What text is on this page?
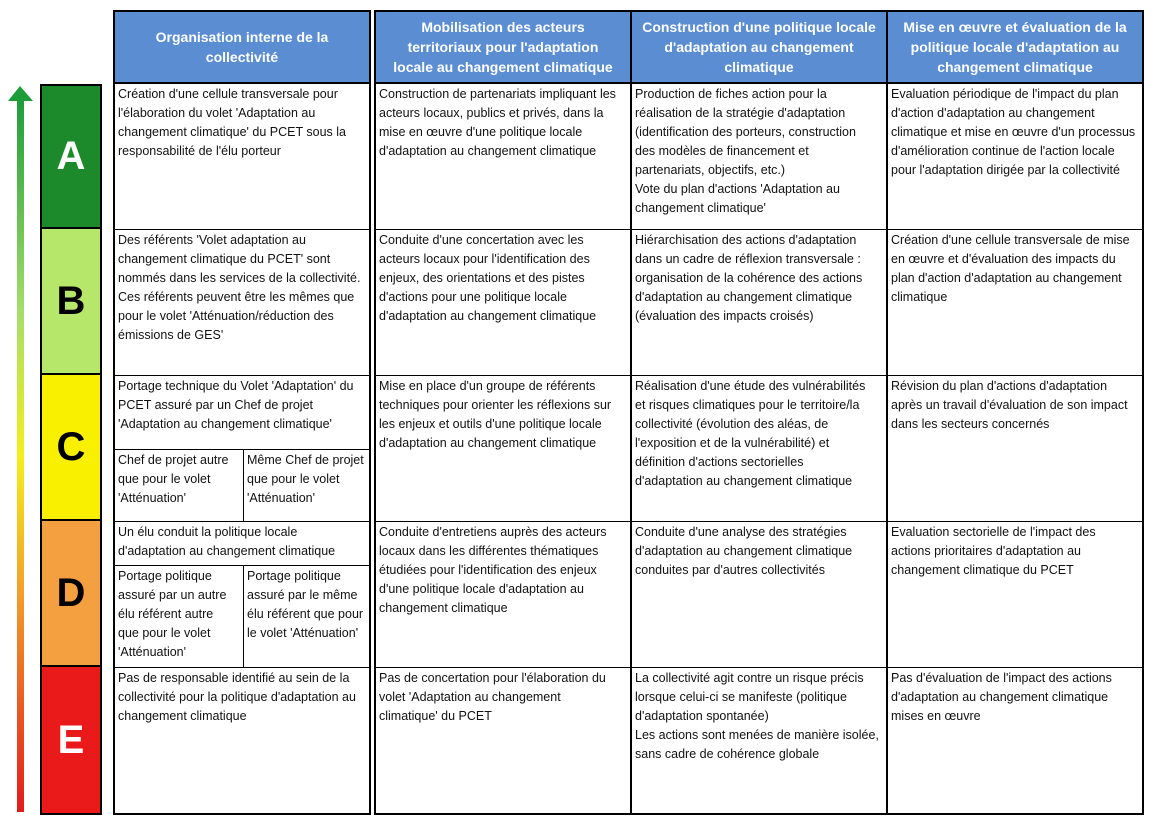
A
B
C
D
E
Organisation interne de la
collectivité
Création d'une cellule transversale pour
l'élaboration du volet 'Adaptation au
changement climatique' du PCET sous la
responsabilité de l'élu porteur
Des référents 'Volet adaptation au
changement climatique du PCET' sont
nommés dans les services de la collectivité.
Ces référents peuvent être les mêmes que
pour le volet 'Atténuation/réduction des
émissions de GES'
Portage technique du Volet 'Adaptation' du
PCET assuré par un Chef de projet
'Adaptation au changement climatique'
Chef de projet autre
que pour le volet
'Atténuation'
Même Chef de projet
que pour le volet
'Atténuation'
Un élu conduit la politique locale
d'adaptation au changement climatique
Portage politique
assuré par un autre
élu référent autre
que pour le volet
'Atténuation'
Portage politique
assuré par le même
élu référent que pour
le volet 'Atténuation'
Pas de responsable identifié au sein de la
collectivité pour la politique d'adaptation au
changement climatique
Mobilisation des acteurs
territoriaux pour l'adaptation
locale au changement climatique
Construction de partenariats impliquant les
acteurs locaux, publics et privés, dans la
mise en œuvre d'une politique locale
d'adaptation au changement climatique
Conduite d'une concertation avec les
acteurs locaux pour l'identification des
enjeux, des orientations et des pistes
d'actions pour une politique locale
d'adaptation au changement climatique
Mise en place d'un groupe de référents
techniques pour orienter les réflexions sur
les enjeux et outils d'une politique locale
d'adaptation au changement climatique
Conduite d'entretiens auprès des acteurs
locaux dans les différentes thématiques
étudiées pour l'identification des enjeux
d'une politique locale d'adaptation au
changement climatique
Pas de concertation pour l'élaboration du
volet 'Adaptation au changement
climatique' du PCET
Construction d'une politique locale
d'adaptation au changement
climatique
Production de fiches action pour la
réalisation de la stratégie d'adaptation
(identification des porteurs, construction
des modèles de financement et
partenariats, objectifs, etc.)
Vote du plan d'actions 'Adaptation au
changement climatique'
Hiérarchisation des actions d'adaptation
dans un cadre de réflexion transversale :
organisation de la cohérence des actions
d'adaptation au changement climatique
(évaluation des impacts croisés)
Réalisation d'une étude des vulnérabilités
et risques climatiques pour le territoire/la
collectivité (évolution des aléas, de
l'exposition et de la vulnérabilité) et
définition d'actions sectorielles
d'adaptation au changement climatique
Conduite d'une analyse des stratégies
d'adaptation au changement climatique
conduites par d'autres collectivités
La collectivité agit contre un risque précis
lorsque celui-ci se manifeste (politique
d'adaptation spontanée)
Les actions sont menées de manière isolée,
sans cadre de cohérence globale
Mise en œuvre et évaluation de la
politique locale d'adaptation au
changement climatique
Evaluation périodique de l'impact du plan
d'action d'adaptation au changement
climatique et mise en œuvre d'un processus
d'amélioration continue de l'action locale
pour l'adaptation dirigée par la collectivité
Création d'une cellule transversale de mise
en œuvre et d'évaluation des impacts du
plan d'action d'adaptation au changement
climatique
Révision du plan d'actions d'adaptation
après un travail d'évaluation de son impact
dans les secteurs concernés
Evaluation sectorielle de l'impact des
actions prioritaires d'adaptation au
changement climatique du PCET
Pas d'évaluation de l'impact des actions
d'adaptation au changement climatique
mises en œuvre
